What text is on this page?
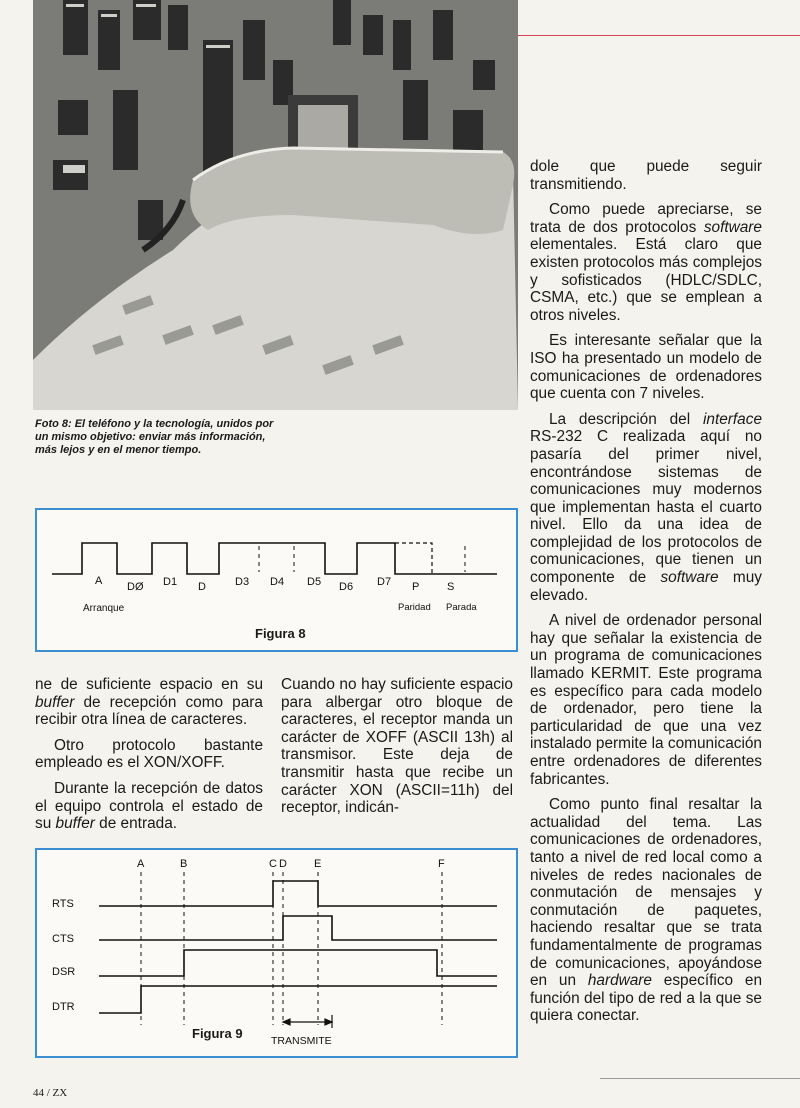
Foto 8: El teléfono y la tecnología, unidos por un mismo objetivo: enviar más información, más lejos y en el menor tiempo.
A DØ D1 D	D3 D4 D5 D6 D7 P	S
Arranque	Paridad Parada
Figura 8

ne de suficiente espacio en su buffer de recepción como para recibir otra línea de caracteres.

Otro protocolo bastante empleado es el XON/XOFF.

Durante la recepción de datos el equipo controla el estado de su buffer de entrada.

Cuando no hay suficiente espacio para albergar otro bloque de caracteres, el receptor manda un carácter de XOFF (ASCII 13h) al transmisor. Este deja de transmitir hasta que recibe un carácter XON (ASCII=11h) del receptor, indicán-

A	B	C D E	F
RTS
CTS
DSR
DTR
TRANSMITE
Figura 9

dole que puede seguir transmitiendo.

Como puede apreciarse, se trata de dos protocolos software elementales. Está claro que existen protocolos más complejos y sofisticados (HDLC/SDLC, CSMA, etc.) que se emplean a otros niveles.

Es interesante señalar que la ISO ha presentado un modelo de comunicaciones de ordenadores que cuenta con 7 niveles.

La descripción del interface RS-232 C realizada aquí no pasaría del primer nivel, encontrándose sistemas de comunicaciones muy modernos que implementan hasta el cuarto nivel. Ello da una idea de complejidad de los protocolos de comunicaciones, que tienen un componente de software muy elevado.

A nivel de ordenador personal hay que señalar la existencia de un programa de comunicaciones llamado KERMIT. Este programa es específico para cada modelo de ordenador, pero tiene la particularidad de que una vez instalado permite la comunicación entre ordenadores de diferentes fabricantes.

Como punto final resaltar la actualidad del tema. Las comunicaciones de ordenadores, tanto a nivel de red local como a niveles de redes nacionales de conmutación de mensajes y conmutación de paquetes, haciendo resaltar que se trata fundamentalmente de programas de comunicaciones, apoyándose en un hardware específico en función del tipo de red a la que se quiera conectar.

44 / ZX
